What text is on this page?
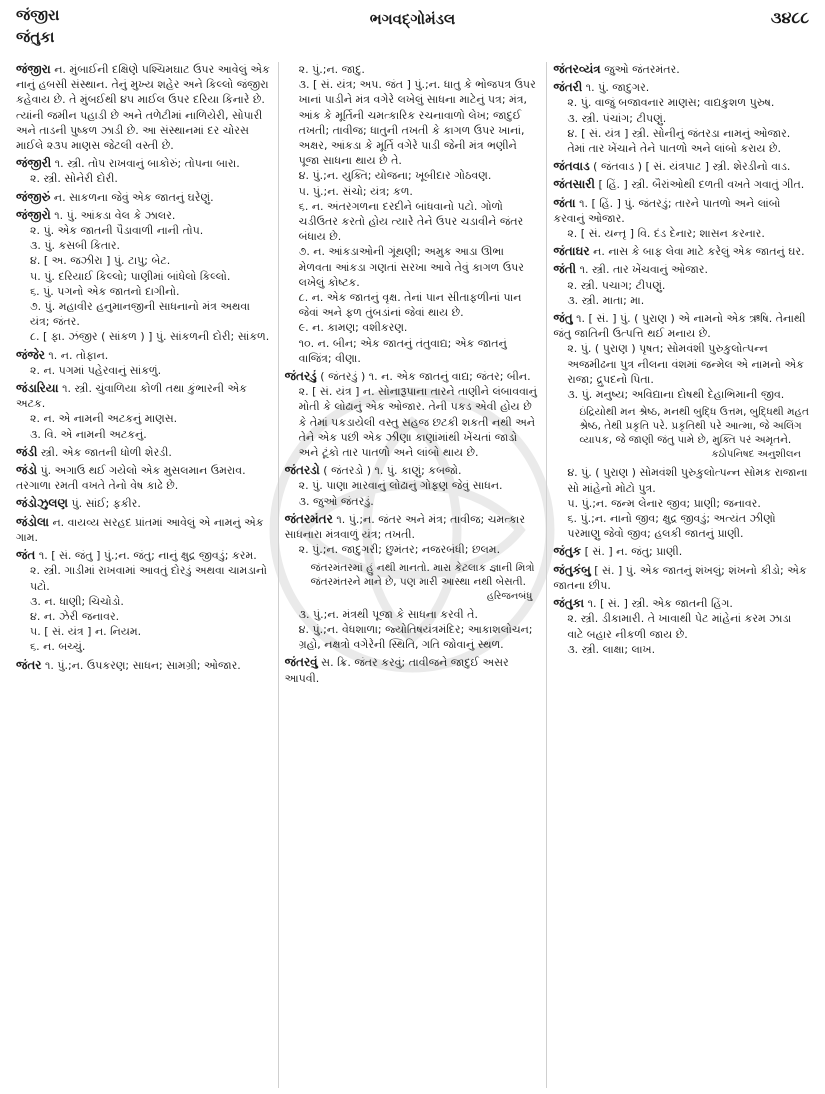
જંજીરા
જંતુકા
ભગવદ્ગોમંડલ	૩૪૮૮
જંજીરા ન. મુંબાઈની દક્ષિણે પશ્ચિમઘાટ ઉપર આવેલું એક નાનું હબસી સંસ્થાન. તેનું મુખ્ય શહેર અને કિલ્લો જંજીરા કહેવાય છે. તે મુંબઈથી ૪૫ માઈલ ઉપર દરિયા કિનારે છે. ત્યાંની જમીન પહાડી છે અને તળેટીમાં નાળિયેરી, સોપારી અને તાડની પુષ્કળ ઝાડી છે. આ સંસ્થાનમાં દર ચોરસ માઈલે ૨૩૫ માણસ જેટલી વસ્તી છે.
જંજીરી ૧. સ્ત્રી. તોપ રાખવાનું બાકોરું; તોપના બારા.
૨. સ્ત્રી. સોનેરી દોરી.
જંજીરું ન. સાકળના જેવું એક જાતનું ઘરેણું.
જંજીરો ૧. પું. આંકડા વેલ કે ઝાલર.
૨. પું. એક જાતની પૈડાવાળી નાની તોપ.
૩. પું. કસબી કિતાર.
૪. [ અ. જઝીરા ] પું. ટાપુ; બેટ.
૫. પું. દરિયાઈ કિલ્લો; પાણીમાં બાંધેલો કિલ્લો.
૬. પું. પગનો એક જાતનો દાગીનો.
૭. પું. મહાવીર હનુમાનજીની સાધનાનો મંત્ર અથવા યંત્ર; જંતર.
૮. [ ફા. ઝંજીર ( સાંકળ ) ] પું. સાંકળની દોરી; સાંકળ.
જંજેર ૧. ન. તોફાન.
૨. ન. પગમાં પહેરવાનું સાંકળું.
જંડારિયા ૧. સ્ત્રી. ચુંવાળિયા કોળી તથા કુંભારની એક અટક.
૨. ન. એ નામની અટકનું માણસ.
૩. વિ. એ નામની અટકનું.
જંડી સ્ત્રી. એક જાતની ધોળી શેરડી.
જંડો પું. અગાઉ થઈ ગયેલો એક મુસલમાન ઉમરાવ. તરગાળા રમતી વખતે તેનો વેષ કાઢે છે.
જંડોઝુલણ પું. સાંઈ; ફકીર.
જંડોલા ન. વાયવ્ય સરહદ પ્રાંતમાં આવેલું એ નામનું એક ગામ.
જંત ૧. [ સં. જંતુ ] પું.;ન. જંતુ; નાનું ક્ષુદ્ર જીવડું; કરમ.
૨. સ્ત્રી. ગાડીમાં રાખવામાં આવતું દોરડું અથવા ચામડાનો પટો.
૩. ન. ધાણી; ચિચોડો.
૪. ન. ઝેરી જનાવર.
૫. [ સં. યંત્ર ] ન. નિયમ.
૬. ન. બચ્ચું.
જંતર ૧. પું.;ન. ઉપકરણ; સાધન; સામગ્રી; ઓજાર.
૨. પું.;ન. જાદુ.
૩. [ સં. યંત્ર; અપ. જંત ] પું.;ન. ધાતુ કે ભોજપત્ર ઉપર ખાનાં પાડીને મંત્ર વગેરે લખેલું સાધના માટેનું પત્ર; મંત્ર, આંક કે મૂર્તિની ચમત્કારિક રચનાવાળો લેખ; જાદુઈ તખતી; તાવીજ; ધાતુની તખતી કે કાગળ ઉપર ખાનાં, અક્ષર, આંકડા કે મૂર્તિ વગેરે પાડી જેની મંત્ર ભણીને પૂજા સાધના થાય છે તે.
૪. પું.;ન. યુક્તિ; યોજના; ખૂબીદાર ગોઠવણ.
૫. પું.;ન. સંચો; યંત્ર; કળ.
૬. ન. અંતરગળના દરદીને બાંધવાનો પટો. ગોળો ચડીઉતર કરતો હોય ત્યારે તેને ઉપર ચડાવીને જંતર બંધાય છે.
૭. ન. આંકડાઓની ગૂંથણી; અમુક આડા ઊભા મેળવતા આંકડા ગણતાં સરખા આવે તેવું કાગળ ઉપર લખેલું કોષ્ટક.
૮. ન. એક જાતનું વૃક્ષ. તેનાં પાન સીતાફળીનાં પાન જેવાં અને ફળ તુંબડાંનાં જેવાં થાય છે.
૯. ન. કામણ; વશીકરણ.
૧૦. ન. બીન; એક જાતનું તંતુવાદ્ય; એક જાતનું વાજિંત્ર; વીણા.
જંતરડું ( જંતરડું ) ૧. ન. એક જાતનું વાદ્ય; જંતર; બીન.
૨. [ સં. યંત્ર ] ન. સોનારૂપાના તારને તાણીને લંબાવવાનું મોતી કે લોઢાનું એક ઓજાર. તેની પકડ એવી હોય છે કે તેમાં પકડાયેલી વસ્તુ સહજ છટકી શકતી નથી અને તેને એક પછી એક ઝીણા કાણાંમાંથી ખેંચતાં જાડો અને ટૂંકો તાર પાતળો અને લાંબો થાય છે.
જંતરડો ( જંતરડો ) ૧. પું. કાણું; કબજો.
૨. પું. પાણા મારવાનું લોઢાનું ગોફણ જેવું સાધન.
૩. જુઓ જંતરડું.
જંતરમંતર ૧. પું.;ન. જંતર અને મંત્ર; તાવીજ; ચમત્કાર સાધનારા મંત્રવાળું યંત્ર; તખતી.
૨. પું.;ન. જાદુગરી; છુમંતર; નજરબંધી; છલમ.
જંતરમંતરમાં હું નથી માનતો. મારા કેટલાક જ્ઞાની મિત્રો જંતરમંતરને માને છે, પણ મારી આસ્થા નથી બેસતી.
હરિજનબંધુ
૩. પું.;ન. મંત્રથી પૂજા કે સાધના કરવી તે.
૪. પું.;ન. વેધશાળા; જ્યોતિષયંત્રમંદિર; આકાશલોચન; ગ્રહો, નક્ષત્રો વગેરેની સ્થિતિ, ગતિ જોવાનું સ્થળ.
જંતરવું સ. ક્રિ. જંતર કરવું; તાવીજને જાદુઈ અસર આપવી.
જંતરવ્યંત્ર જુઓ જંતરમંતર.
જંતરી ૧. પું. જાદુગર.
૨. પું. વાજું બજાવનાર માણસ; વાદ્યકુશળ પુરુષ.
૩. સ્ત્રી. પંચાંગ; ટીપણું.
૪. [ સં. યંત્ર ] સ્ત્રી. સોનીનું જંતરડા નામનું ઓજાર. તેમાં તાર ખેંચાને તેને પાતળો અને લાંબો કરાય છે.
જંતવાડ ( જંતવાડ ) [ સં. યંત્રપાટ ] સ્ત્રી. શેરડીનો વાડ.
જંતસારી [ હિં. ] સ્ત્રી. બૈરાંઓથી દળતી વખતે ગવાતું ગીત.
જંતા ૧. [ હિં. ] પું. જંતરડું; તારને પાતળો અને લાંબો કરવાનું ઓજાર.
૨. [ સં. યન્તૃ ] વિ. દંડ દેનાર; શાસન કરનાર.
જંતાઘર ન. નાસ કે બાફ લેવા માટે કરેલું એક જાતનું ઘર.
જંતી ૧. સ્ત્રી. તાર ખેંચવાનું ઓજાર.
૨. સ્ત્રી. પચાગ; ટીપણું.
૩. સ્ત્રી. માતા; મા.
જંતુ ૧. [ સં. ] પું. ( પુરાણ ) એ નામનો એક ઋષિ. તેનાથી જંતુ જાતિની ઉત્પત્તિ થઈ મનાય છે.
૨. પું. ( પુરાણ ) પૃષત; સોમવંશી પુરુકુલોત્પન્ન અજમીઢના પુત્ર નીલના વંશમાં જન્મેલ એ નામનો એક રાજા; દ્રુપદનો પિતા.
૩. પું. મનુષ્ય; અવિદ્યાના દોષથી દેહાભિમાની જીવ.
ઇંદ્રિયોથી મન શ્રેષ્ઠ, મનથી બુદ્ધિ ઉત્તમ, બુદ્ધિથી મહત શ્રેષ્ઠ, તેથી પ્રકૃતિ પરે. પ્રકૃતિથી પરે આત્મા, જે અલિંગ વ્યાપક, જે જાણી જંતુ પામે છે, મુક્તિ પરં અમૃતને.
કઠોપનિષદ અનુશીલન
૪. પું. ( પુરાણ ) સોમવંશી પુરુકુલોત્પન્ન સોમક રાજાના સો માંહેનો મોટો પુત્ર.
૫. પું.;ન. જન્મ લેનાર જીવ; પ્રાણી; જનાવર.
૬. પું.;ન. નાનો જીવ; ક્ષુદ્ર જીવડું; અત્યંત ઝીણો પરમાણુ જેવો જીવ; હલકી જાતનું પ્રાણી.
જંતુક [ સં. ] ન. જંતુ; પ્રાણી.
જંતુકંબુ [ સં. ] પું. એક જાતનું શંખલું; શંખનો કીડો; એક જાતના છીપ.
જંતુકા ૧. [ સં. ] સ્ત્રી. એક જાતની હિંગ.
૨. સ્ત્રી. ડીકામારી. તે ખાવાથી પેટ માંહેનાં કરમ ઝાડા વાટે બહાર નીકળી જાય છે.
૩. સ્ત્રી. લાક્ષા; લાખ.
